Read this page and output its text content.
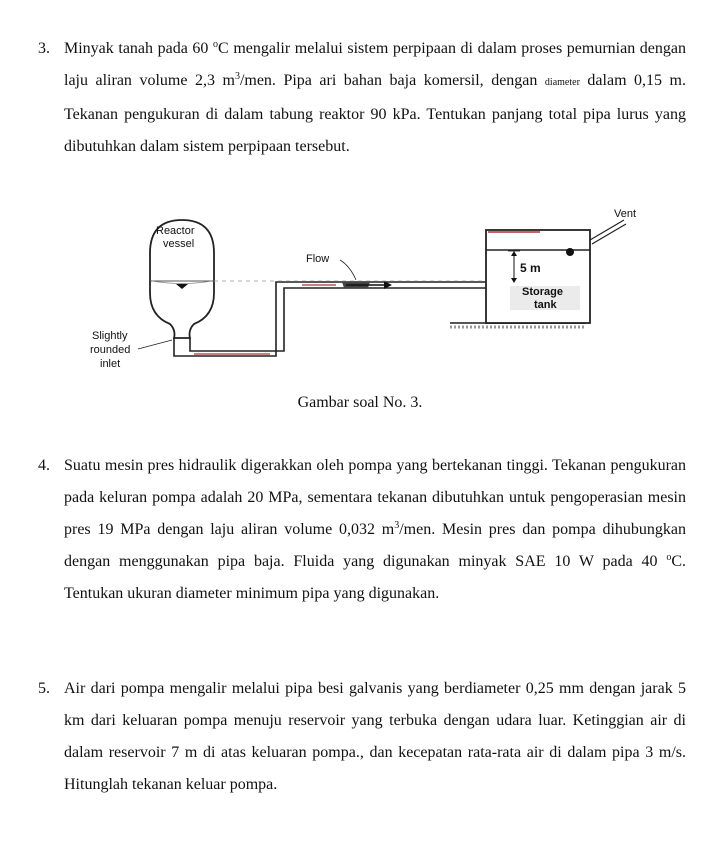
3. Minyak tanah pada 60 $^o$C mengalir melalui sistem perpipaan di dalam proses pemurnian dengan laju aliran volume 2,3 $m^3$/men. Pipa ari bahan baja komersil, dengan diameter dalam 0,15 m. Tekanan pengukuran di dalam tabung reaktor 90 kPa. Tentukan panjang total pipa lurus yang dibutuhkan dalam sistem perpipaan tersebut.
Reactor
vessel
Flow
Vent
5 m
Storage
tank
Slightly
rounded
inlet
Gambar soal No. 3.
4. Suatu mesin pres hidraulik digerakkan oleh pompa yang bertekanan tinggi. Tekanan pengukuran pada keluran pompa adalah 20 MPa, sementara tekanan dibutuhkan untuk pengoperasian mesin pres 19 MPa dengan laju aliran volume 0,032 $m^3$/men. Mesin pres dan pompa dihubungkan dengan menggunakan pipa baja. Fluida yang digunakan minyak SAE 10 W pada 40 $^o$C. Tentukan ukuran diameter minimum pipa yang digunakan.
5. Air dari pompa mengalir melalui pipa besi galvanis yang berdiameter 0,25 mm dengan jarak 5 km dari keluaran pompa menuju reservoir yang terbuka dengan udara luar. Ketinggian air di dalam reservoir 7 m di atas keluaran pompa., dan kecepatan rata-rata air di dalam pipa 3 m/s. Hitunglah tekanan keluar pompa.
